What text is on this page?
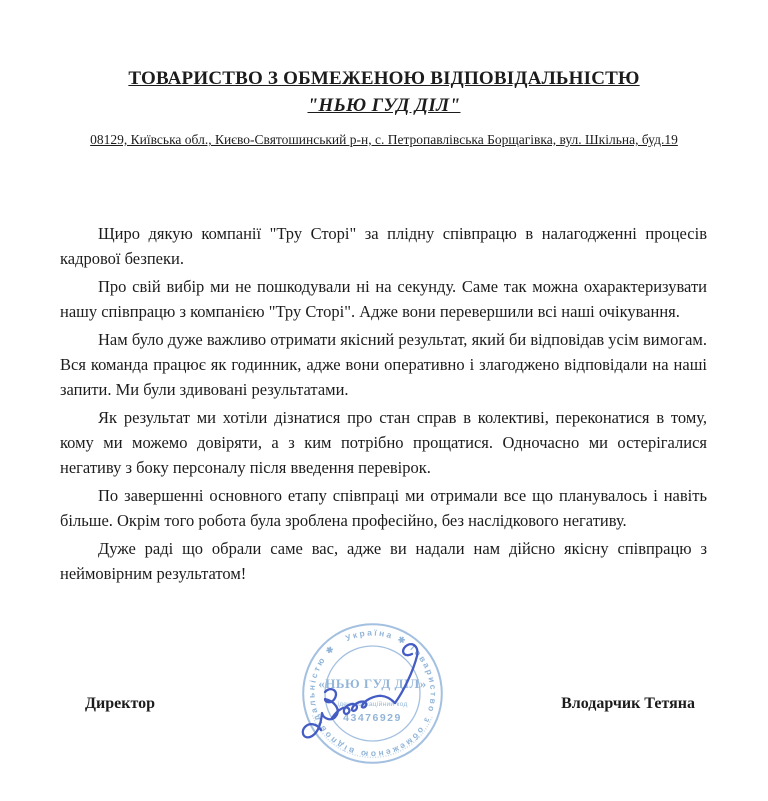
ТОВАРИСТВО З ОБМЕЖЕНОЮ ВІДПОВІДАЛЬНІСТЮ
"НЬЮ ГУД ДІЛ"
08129, Київська обл., Києво-Святошинський р-н, с. Петропавлівська Борщагівка, вул. Шкільна, буд.19

Щиро дякую компанії "Тру Сторі" за плідну співпрацю в налагодженні процесів кадрової безпеки.

Про свій вибір ми не пошкодували ні на секунду. Саме так можна охарактеризувати нашу співпрацю з компанією "Тру Сторі". Адже вони перевершили всі наші очікування.

Нам було дуже важливо отримати якісний результат, який би відповідав усім вимогам. Вся команда працює як годинник, адже вони оперативно і злагоджено відповідали на наші запити. Ми були здивовані результатами.

Як результат ми хотіли дізнатися про стан справ в колективі, переконатися в тому, кому ми можемо довіряти, а з ким потрібно прощатися. Одночасно ми остерігалися негативу з боку персоналу після введення перевірок.

По завершенні основного етапу співпраці ми отримали все що планувалось і навіть більше. Окрім того робота була зроблена професійно, без наслідкового негативу.

Дуже раді що обрали саме вас, адже ви надали нам дійсно якісну співпрацю з неймовірним результатом!

Україна ✱ Товариство з обмеженою відповідальністю ✱
«НЬЮ ГУД ДІЛ»
ідентифікаційний код
43476929
Директор	Влодарчик Тетяна
